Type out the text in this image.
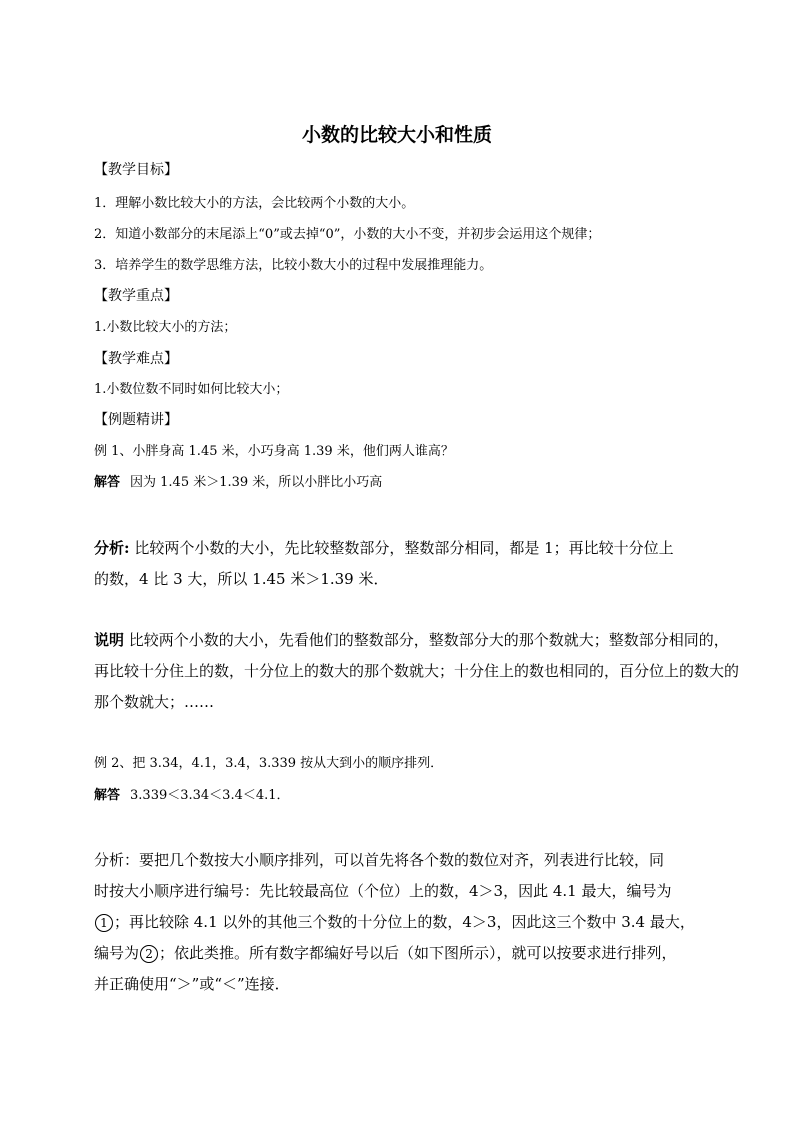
小数的比较大小和性质
【教学目标】
1．理解小数比较大小的方法，会比较两个小数的大小。
2．知道小数部分的末尾添上“0”或去掉“0”，小数的大小不变，并初步会运用这个规律；
3．培养学生的数学思维方法，比较小数大小的过程中发展推理能力。
【教学重点】
1.小数比较大小的方法；
【教学难点】
1.小数位数不同时如何比较大小；
【例题精讲】
例 1、小胖身高 1.45 米，小巧身高 1.39 米，他们两人谁高？
解答 因为 1.45 米＞1.39 米，所以小胖比小巧高
分析: 比较两个小数的大小，先比较整数部分，整数部分相同，都是 1；再比较十分位上
的数，4 比 3 大，所以 1.45 米＞1.39 米．
说明 比较两个小数的大小，先看他们的整数部分，整数部分大的那个数就大；整数部分相同的，
再比较十分住上的数，十分位上的数大的那个数就大；十分住上的数也相同的，百分位上的数大的
那个数就大；……
例 2、把 3.34，4.1，3.4，3.339 按从大到小的顺序排列．
解答 3.339＜3.34＜3.4＜4.1．
分析：要把几个数按大小顺序排列，可以首先将各个数的数位对齐，列表进行比较，同
时按大小顺序进行编号：先比较最高位（个位）上的数，4＞3，因此 4.1 最大，编号为
1 ；再比较除 4.1 以外的其他三个数的十分位上的数，4＞3，因此这三个数中 3.4 最大，
编号为 2 ；依此类推。所有数字都编好号以后（如下图所示），就可以按要求进行排列，
并正确使用“＞”或“＜”连接．
